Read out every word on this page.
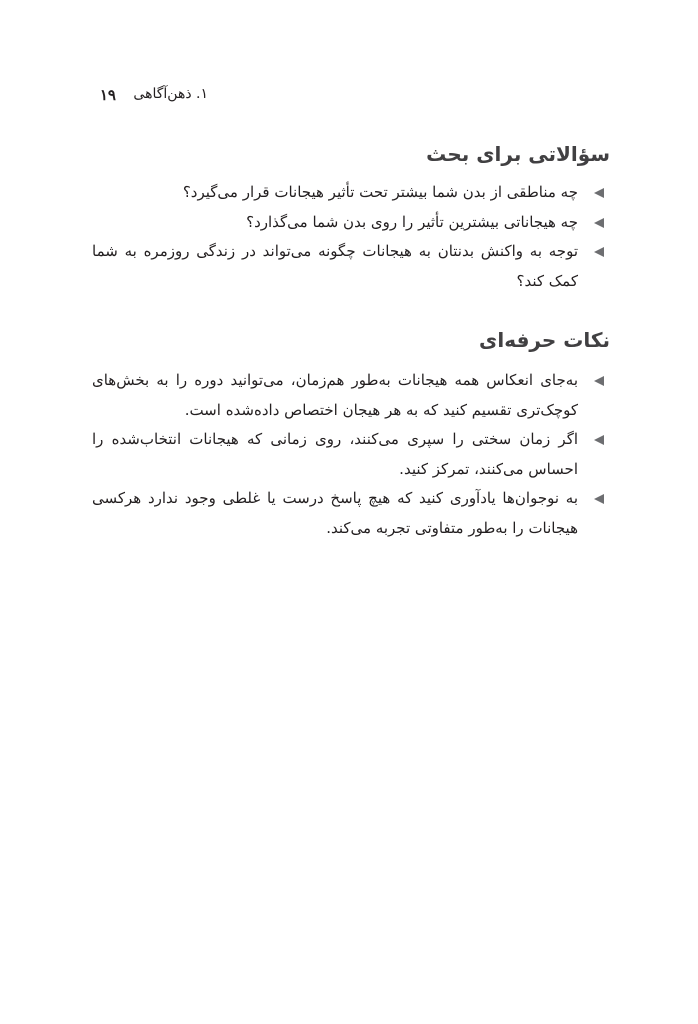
۱. ذهن‌آگاهی
۱۹
سؤالاتی برای بحث
چه مناطقی از بدن شما بیشتر تحت تأثیر هیجانات قرار می‌گیرد؟
چه هیجاناتی بیشترین تأثیر را روی بدن شما می‌گذارد؟
توجه به واکنش بدنتان به هیجانات چگونه می‌تواند در زندگی روزمره به شما کمک کند؟
نکات حرفه‌ای
به‌جای انعکاس همه هیجانات به‌طور هم‌زمان، می‌توانید دوره را به بخش‌های کوچک‌تری تقسیم کنید که به هر هیجان اختصاص داده‌شده است.
اگر زمان سختی را سپری می‌کنند، روی زمانی که هیجانات انتخاب‌شده را احساس می‌کنند، تمرکز کنید.
به نوجوان‌ها یادآوری کنید که هیچ پاسخ درست یا غلطی وجود ندارد هرکسی هیجانات را به‌طور متفاوتی تجربه می‌کند.
